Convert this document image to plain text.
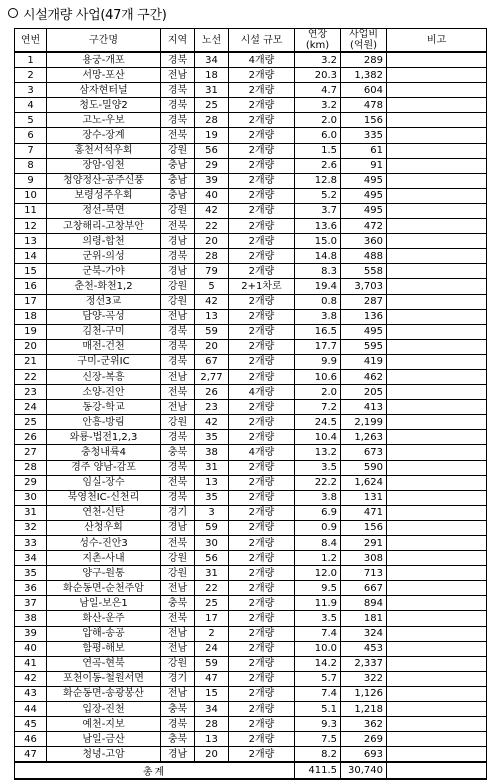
시설개량 사업(47개 구간)
연번	구간명	지역	노선	시설 규모	연장 (km)	사업비 (억원)	비고
1	용궁-개포	경북	34	4개량	3.2	289	
2	서망-포산	전남	18	2개량	20.3	1,382	
3	삼자현터널	경북	31	2개량	4.7	604	
4	청도-밀양2	경북	25	2개량	3.2	478	
5	고노-우보	경북	28	2개량	2.0	156	
6	장수-장계	전북	19	2개량	6.0	335	
7	홍천서석우회	강원	56	2개량	1.5	61	
8	장암-임천	충남	29	2개량	2.6	91	
9	청양정산-공주신풍	충남	39	2개량	12.8	495	
10	보령성주우회	충남	40	2개량	5.2	495	
11	정선-북면	강원	42	2개량	3.7	495	
12	고창해리-고창부안	전북	22	2개량	13.6	472	
13	의령-합천	경남	20	2개량	15.0	360	
14	군위-의성	경북	28	2개량	14.8	488	
15	군북-가야	경남	79	2개량	8.3	558	
16	춘천-화천1,2	강원	5	2+1차로	19.4	3,703	
17	정선3교	강원	42	2개량	0.8	287	
18	담양-곡성	전남	13	2개량	3.8	136	
19	김천-구미	경북	59	2개량	16.5	495	
20	매전-건천	경북	20	2개량	17.7	595	
21	구미-군위IC	경북	67	2개량	9.9	419	
22	신장-복흥	전남	2,77	2개량	10.6	462	
23	소양-진안	전북	26	4개량	2.0	205	
24	동강-학교	전남	23	2개량	7.2	413	
25	안흥-방림	강원	42	2개량	24.5	2,199	
26	와룡-법전1,2,3	경북	35	2개량	10.4	1,263	
27	충청내륙4	충북	38	4개량	13.2	673	
28	경주 양남-감포	경북	31	2개량	3.5	590	
29	임실-장수	전북	13	2개량	22.2	1,624	
30	북영천IC-신천리	경북	35	2개량	3.8	131	
31	연천-신탄	경기	3	2개량	6.9	471	
32	산청우회	경남	59	2개량	0.9	156	
33	성수-진안3	전북	30	2개량	8.4	291	
34	지촌-사내	강원	56	2개량	1.2	308	
35	양구-원통	강원	31	2개량	12.0	713	
36	화순동면-순천주암	전남	22	2개량	9.5	667	
37	남일-보은1	충북	25	2개량	11.9	894	
38	화산-운주	전북	17	2개량	3.5	181	
39	압해-송공	전남	2	2개량	7.4	324	
40	함평-해보	전남	24	2개량	10.0	453	
41	연곡-현북	강원	59	2개량	14.2	2,337	
42	포천이동-철원서면	경기	47	2개량	5.7	322	
43	화순동면-송광봉산	전남	15	2개량	7.4	1,126	
44	입장-진천	충북	34	2개량	5.1	1,218	
45	예천-지보	경북	28	2개량	9.3	362	
46	남일-금산	충북	13	2개량	7.5	269	
47	청녕-고암	경남	20	2개량	8.2	693	
총계					411.5	30,740	
